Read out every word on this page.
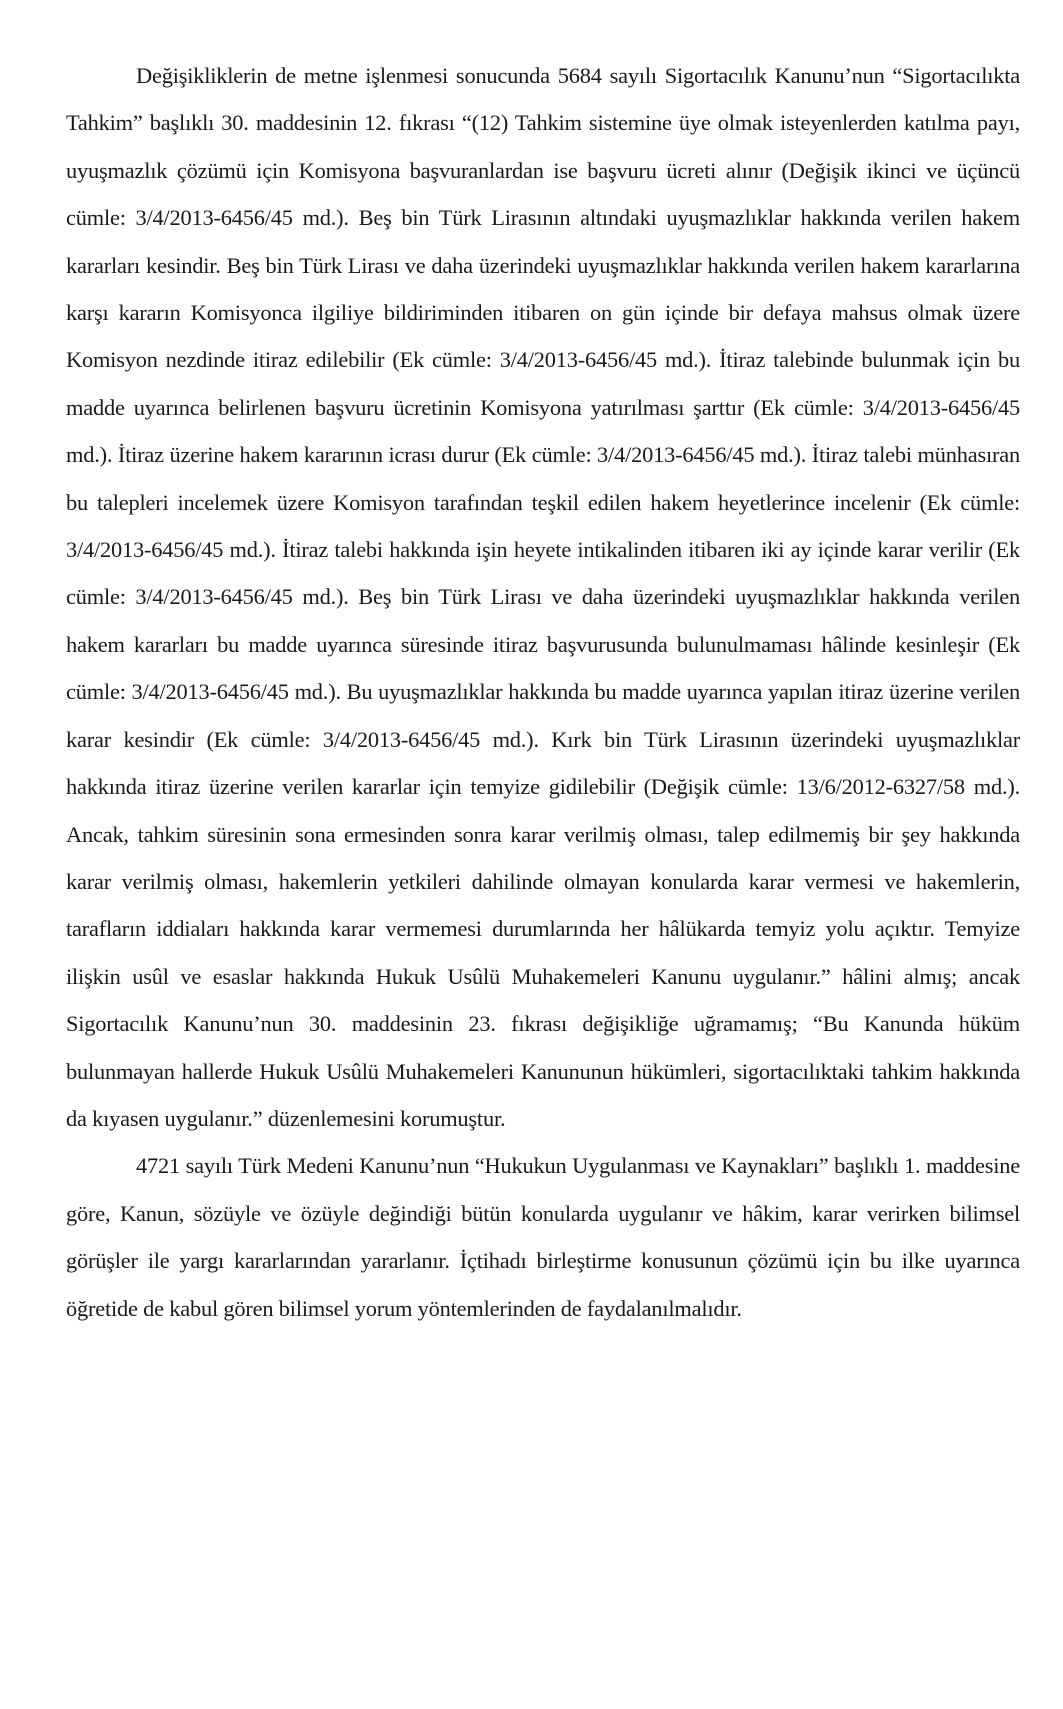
Değişikliklerin de metne işlenmesi sonucunda 5684 sayılı Sigortacılık Kanunu’nun “Sigortacılıkta Tahkim” başlıklı 30. maddesinin 12. fıkrası “(12) Tahkim sistemine üye olmak isteyenlerden katılma payı, uyuşmazlık çözümü için Komisyona başvuranlardan ise başvuru ücreti alınır (Değişik ikinci ve üçüncü cümle: 3/4/2013-6456/45 md.). Beş bin Türk Lirasının altındaki uyuşmazlıklar hakkında verilen hakem kararları kesindir. Beş bin Türk Lirası ve daha üzerindeki uyuşmazlıklar hakkında verilen hakem kararlarına karşı kararın Komisyonca ilgiliye bildiriminden itibaren on gün içinde bir defaya mahsus olmak üzere Komisyon nezdinde itiraz edilebilir (Ek cümle: 3/4/2013-6456/45 md.). İtiraz talebinde bulunmak için bu madde uyarınca belirlenen başvuru ücretinin Komisyona yatırılması şarttır (Ek cümle: 3/4/2013-6456/45 md.). İtiraz üzerine hakem kararının icrası durur (Ek cümle: 3/4/2013-6456/45 md.). İtiraz talebi münhasıran bu talepleri incelemek üzere Komisyon tarafından teşkil edilen hakem heyetlerince incelenir (Ek cümle: 3/4/2013-6456/45 md.). İtiraz talebi hakkında işin heyete intikalinden itibaren iki ay içinde karar verilir (Ek cümle: 3/4/2013-6456/45 md.). Beş bin Türk Lirası ve daha üzerindeki uyuşmazlıklar hakkında verilen hakem kararları bu madde uyarınca süresinde itiraz başvurusunda bulunulmaması hâlinde kesinleşir (Ek cümle: 3/4/2013-6456/45 md.). Bu uyuşmazlıklar hakkında bu madde uyarınca yapılan itiraz üzerine verilen karar kesindir (Ek cümle: 3/4/2013-6456/45 md.). Kırk bin Türk Lirasının üzerindeki uyuşmazlıklar hakkında itiraz üzerine verilen kararlar için temyize gidilebilir (Değişik cümle: 13/6/2012-6327/58 md.). Ancak, tahkim süresinin sona ermesinden sonra karar verilmiş olması, talep edilmemiş bir şey hakkında karar verilmiş olması, hakemlerin yetkileri dahilinde olmayan konularda karar vermesi ve hakemlerin, tarafların iddiaları hakkında karar vermemesi durumlarında her hâlükarda temyiz yolu açıktır. Temyize ilişkin usûl ve esaslar hakkında Hukuk Usûlü Muhakemeleri Kanunu uygulanır.” hâlini almış; ancak Sigortacılık Kanunu’nun 30. maddesinin 23. fıkrası değişikliğe uğramamış; “Bu Kanunda hüküm bulunmayan hallerde Hukuk Usûlü Muhakemeleri Kanununun hükümleri, sigortacılıktaki tahkim hakkında da kıyasen uygulanır.” düzenlemesini korumuştur.

4721 sayılı Türk Medeni Kanunu’nun “Hukukun Uygulanması ve Kaynakları” başlıklı 1. maddesine göre, Kanun, sözüyle ve özüyle değindiği bütün konularda uygulanır ve hâkim, karar verirken bilimsel görüşler ile yargı kararlarından yararlanır. İçtihadı birleştirme konusunun çözümü için bu ilke uyarınca öğretide de kabul gören bilimsel yorum yöntemlerinden de faydalanılmalıdır.
